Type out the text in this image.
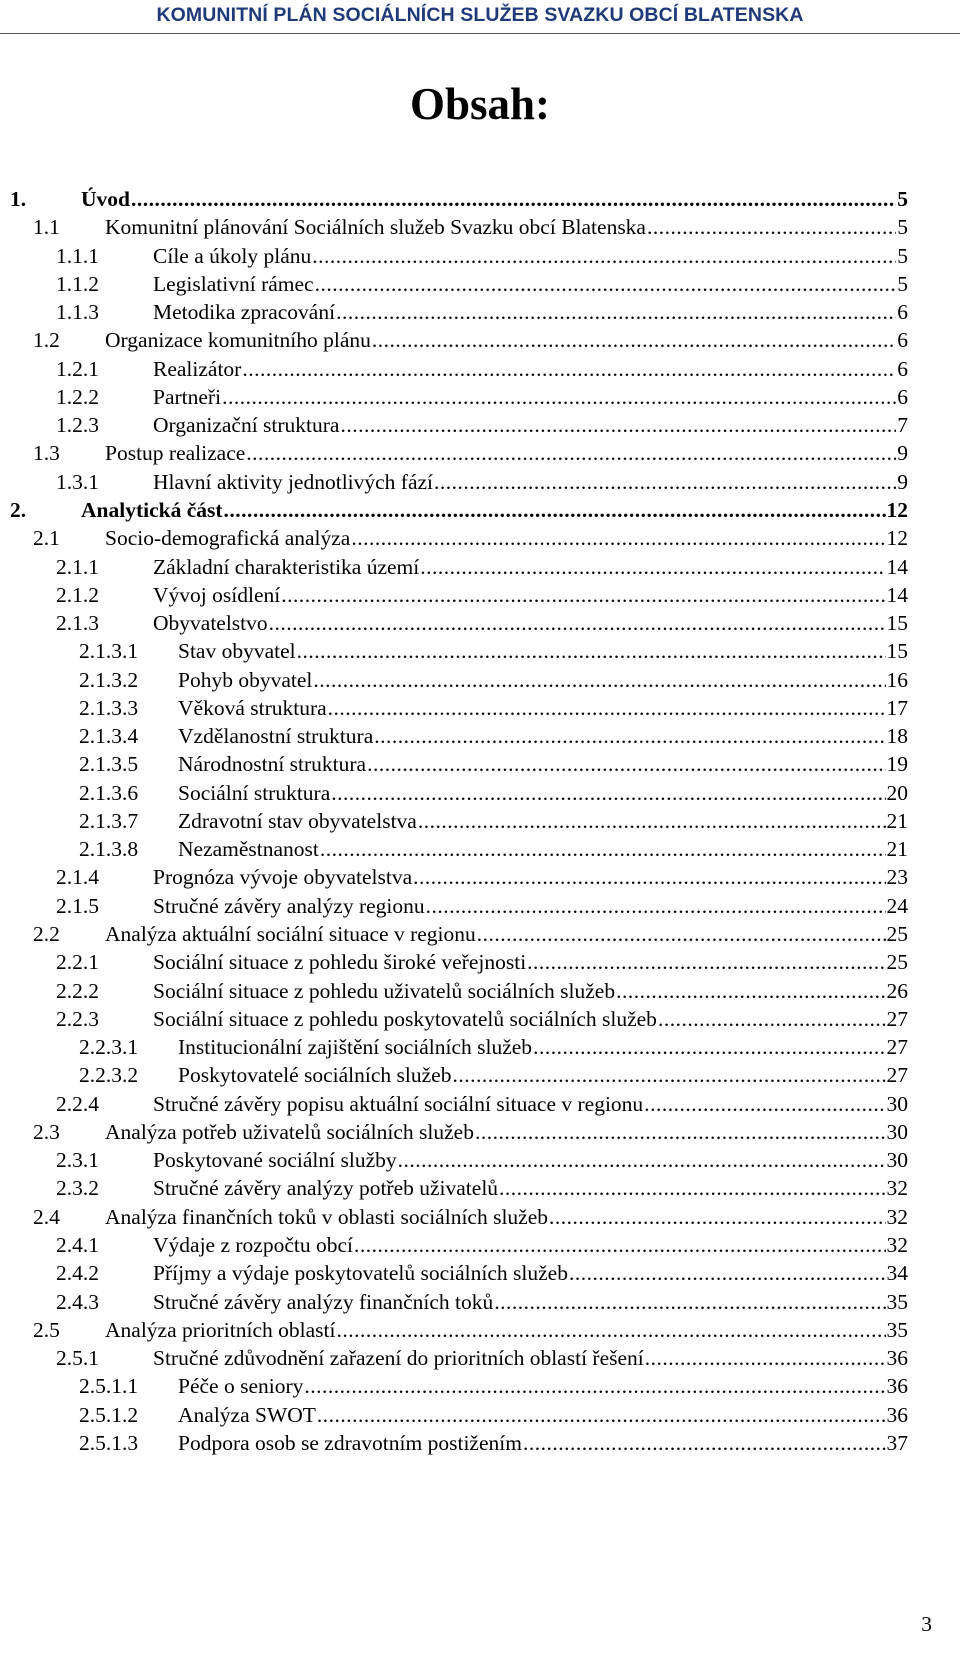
KOMUNITNÍ PLÁN SOCIÁLNÍCH SLUŽEB SVAZKU OBCÍ BLATENSKA
Obsah:
1.	Úvod .....	5
1.1	Komunitní plánování Sociálních služeb Svazku obcí Blatenska .....	5
1.1.1	Cíle a úkoly plánu .....	5
1.1.2	Legislativní rámec .....	5
1.1.3	Metodika zpracování .....	6
1.2	Organizace komunitního plánu .....	6
1.2.1	Realizátor .....	6
1.2.2	Partneři .....	6
1.2.3	Organizační struktura .....	7
1.3	Postup realizace .....	9
1.3.1	Hlavní aktivity jednotlivých fází .....	9
2.	Analytická část .....	12
2.1	Socio-demografická analýza .....	12
2.1.1	Základní charakteristika území .....	14
2.1.2	Vývoj osídlení .....	14
2.1.3	Obyvatelstvo .....	15
2.1.3.1	Stav obyvatel .....	15
2.1.3.2	Pohyb obyvatel .....	16
2.1.3.3	Věková struktura .....	17
2.1.3.4	Vzdělanostní struktura .....	18
2.1.3.5	Národnostní struktura .....	19
2.1.3.6	Sociální struktura .....	20
2.1.3.7	Zdravotní stav obyvatelstva .....	21
2.1.3.8	Nezaměstnanost .....	21
2.1.4	Prognóza vývoje obyvatelstva .....	23
2.1.5	Stručné závěry analýzy regionu .....	24
2.2	Analýza aktuální sociální situace v regionu .....	25
2.2.1	Sociální situace z pohledu široké veřejnosti .....	25
2.2.2	Sociální situace z pohledu uživatelů sociálních služeb .....	26
2.2.3	Sociální situace z pohledu poskytovatelů sociálních služeb .....	27
2.2.3.1	Institucionální zajištění sociálních služeb .....	27
2.2.3.2	Poskytovatelé sociálních služeb .....	27
2.2.4	Stručné závěry popisu aktuální sociální situace v regionu .....	30
2.3	Analýza potřeb uživatelů sociálních služeb .....	30
2.3.1	Poskytované sociální služby .....	30
2.3.2	Stručné závěry analýzy potřeb uživatelů .....	32
2.4	Analýza finančních toků v oblasti sociálních služeb .....	32
2.4.1	Výdaje z rozpočtu obcí .....	32
2.4.2	Příjmy a výdaje poskytovatelů sociálních služeb .....	34
2.4.3	Stručné závěry analýzy finančních toků .....	35
2.5	Analýza prioritních oblastí .....	35
2.5.1	Stručné zdůvodnění zařazení do prioritních oblastí řešení .....	36
2.5.1.1	Péče o seniory .....	36
2.5.1.2	Analýza SWOT .....	36
2.5.1.3	Podpora osob se zdravotním postižením .....	37
3
